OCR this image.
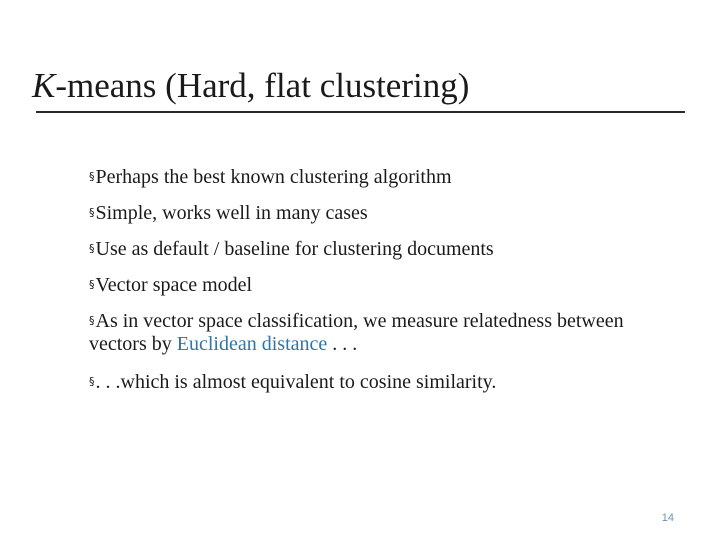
K-means (Hard, flat clustering)
§Perhaps the best known clustering algorithm
§Simple, works well in many cases
§Use as default / baseline for clustering documents
§Vector space model
§As in vector space classification, we measure relatedness between vectors by Euclidean distance . . .
§. . .which is almost equivalent to cosine similarity.
14
